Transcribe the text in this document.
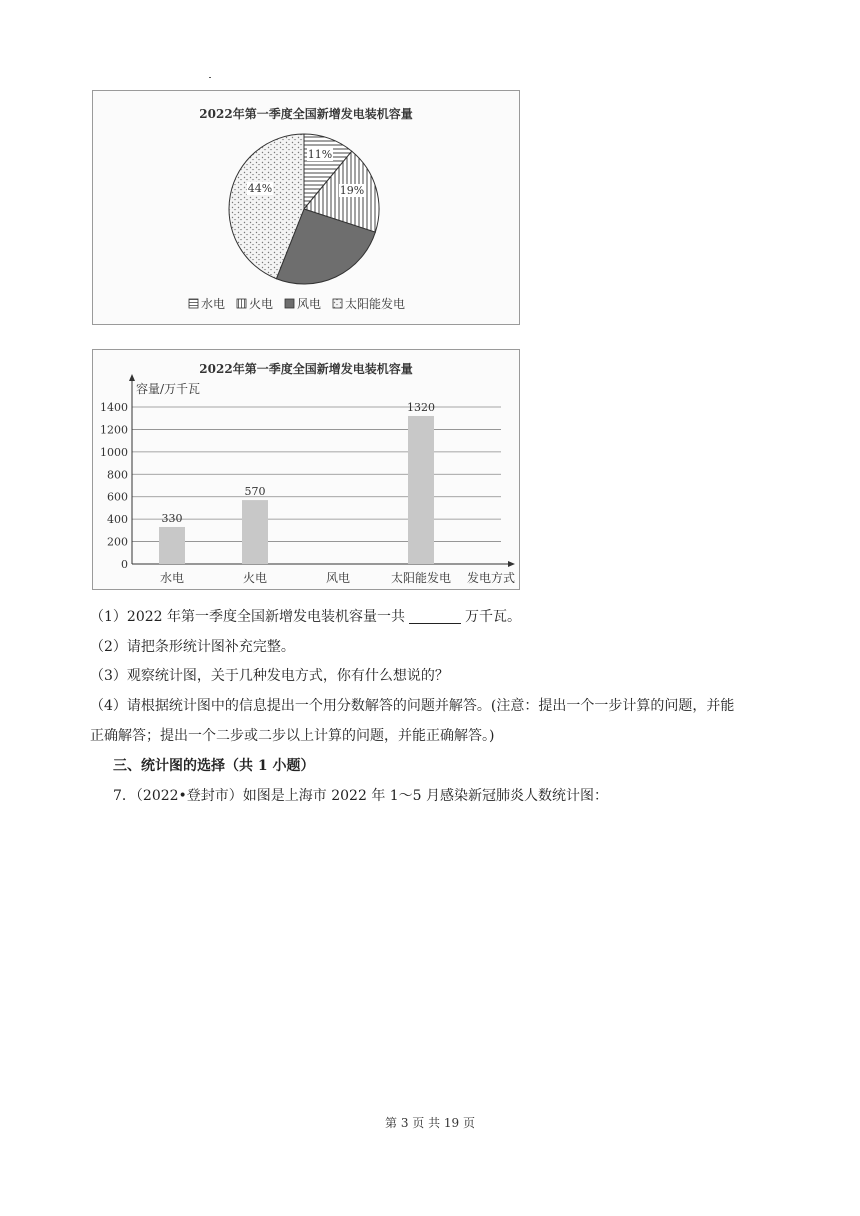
2022年第一季度全国新增发电装机容量
11%
19%
44%
水电 火电 风电 太阳能发电
2022年第一季度全国新增发电装机容量
0
200
400
600
800
1000
1200
1400
容量/万千瓦
发电方式
水电	火电	风电	太阳能发电
330
570
1320
（1）2022 年第一季度全国新增发电装机容量一共	万千瓦。
（2）请把条形统计图补充完整。
（3）观察统计图，关于几种发电方式，你有什么想说的？
（4）请根据统计图中的信息提出一个用分数解答的问题并解答。(注意：提出一个一步计算的问题，并能
正确解答；提出一个二步或二步以上计算的问题，并能正确解答。)
三、统计图的选择（共 1 小题）
7．（2022•登封市）如图是上海市 2022 年 1～5 月感染新冠肺炎人数统计图：
第 3 页 共 19 页
